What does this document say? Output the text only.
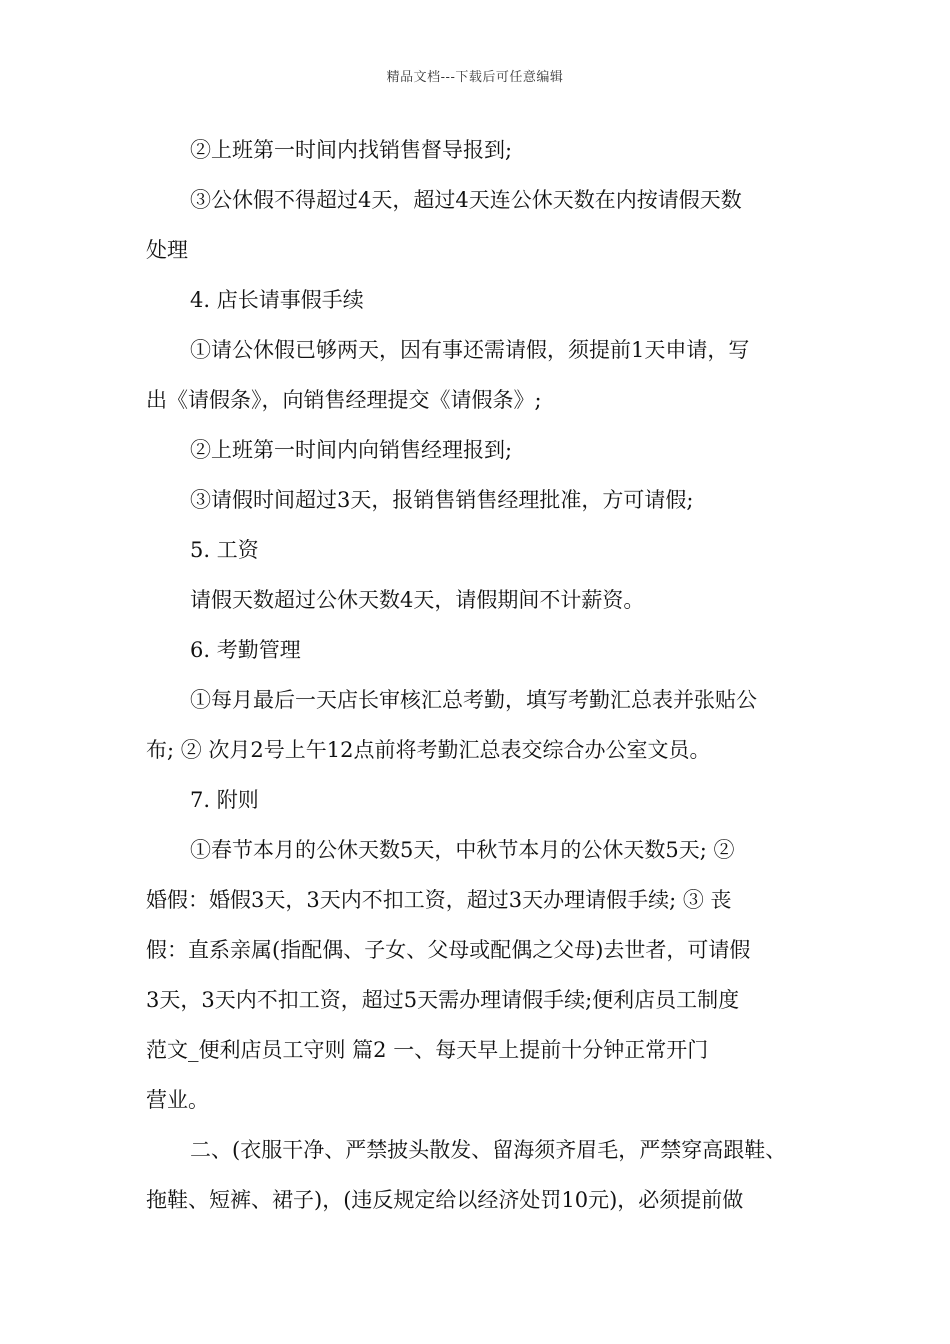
精品文档---下载后可任意编辑
②上班第一时间内找销售督导报到;
③公休假不得超过4天，超过4天连公休天数在内按请假天数
处理
4. 店长请事假手续
①请公休假已够两天，因有事还需请假，须提前1天申请，写
出《请假条》，向销售经理提交《请假条》;
②上班第一时间内向销售经理报到;
③请假时间超过3天，报销售销售经理批准，方可请假;
5. 工资
请假天数超过公休天数4天，请假期间不计薪资。
6. 考勤管理
①每月最后一天店长审核汇总考勤，填写考勤汇总表并张贴公
布; ② 次月2号上午12点前将考勤汇总表交综合办公室文员。
7. 附则
①春节本月的公休天数5天，中秋节本月的公休天数5天; ②
婚假：婚假3天，3天内不扣工资，超过3天办理请假手续; ③ 丧
假：直系亲属(指配偶、子女、父母或配偶之父母)去世者，可请假
3天，3天内不扣工资，超过5天需办理请假手续;便利店员工制度
范文_便利店员工守则 篇2 一、每天早上提前十分钟正常开门
营业。
二、(衣服干净、严禁披头散发、留海须齐眉毛，严禁穿高跟鞋、
拖鞋、短裤、裙子)，(违反规定给以经济处罚10元)，必须提前做
